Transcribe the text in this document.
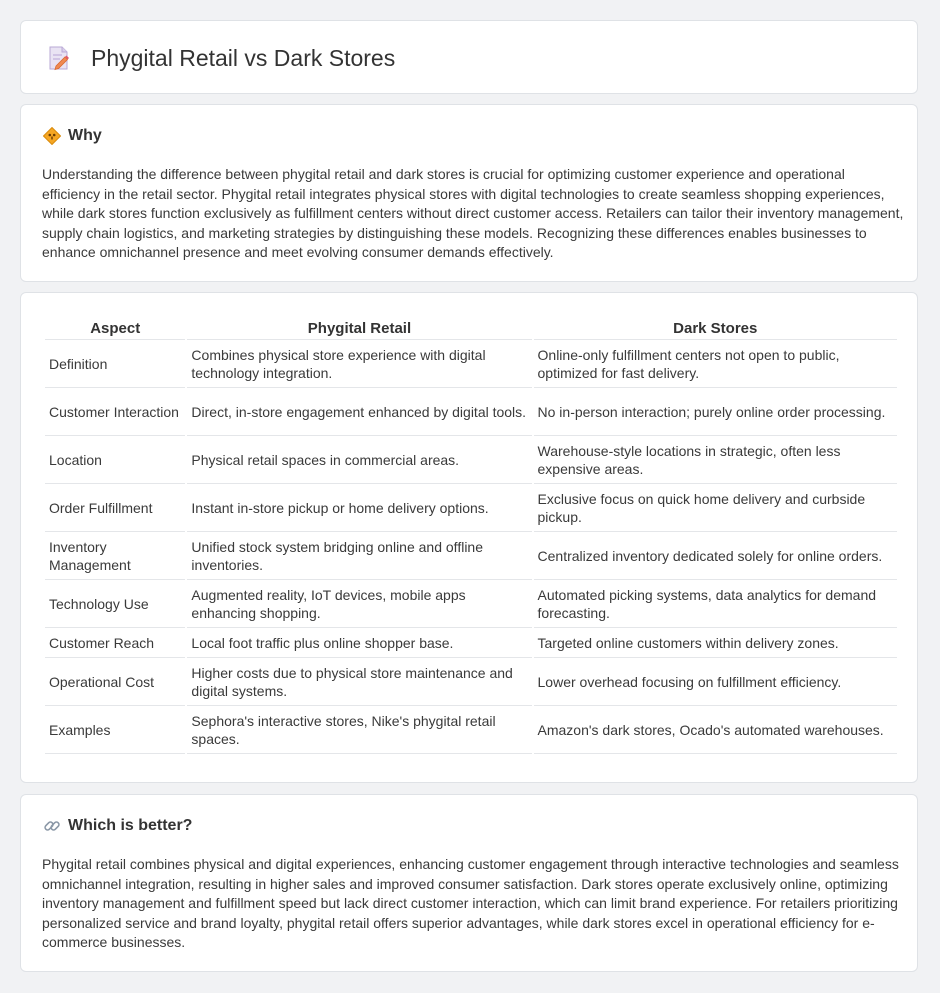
Phygital Retail vs Dark Stores
Why

Understanding the difference between phygital retail and dark stores is crucial for optimizing customer experience and operational efficiency in the retail sector. Phygital retail integrates physical stores with digital technologies to create seamless shopping experiences, while dark stores function exclusively as fulfillment centers without direct customer access. Retailers can tailor their inventory management, supply chain logistics, and marketing strategies by distinguishing these models. Recognizing these differences enables businesses to enhance omnichannel presence and meet evolving consumer demands effectively.

Aspect	Phygital Retail	Dark Stores
Definition	Combines physical store experience with digital technology integration.	Online-only fulfillment centers not open to public, optimized for fast delivery.
Customer Interaction	Direct, in-store engagement enhanced by digital tools.	No in-person interaction; purely online order processing.
Location	Physical retail spaces in commercial areas.	Warehouse-style locations in strategic, often less expensive areas.
Order Fulfillment	Instant in-store pickup or home delivery options.	Exclusive focus on quick home delivery and curbside pickup.
Inventory Management	Unified stock system bridging online and offline inventories.	Centralized inventory dedicated solely for online orders.
Technology Use	Augmented reality, IoT devices, mobile apps enhancing shopping.	Automated picking systems, data analytics for demand forecasting.
Customer Reach	Local foot traffic plus online shopper base.	Targeted online customers within delivery zones.
Operational Cost	Higher costs due to physical store maintenance and digital systems.	Lower overhead focusing on fulfillment efficiency.
Examples	Sephora's interactive stores, Nike's phygital retail spaces.	Amazon's dark stores, Ocado's automated warehouses.
Which is better?

Phygital retail combines physical and digital experiences, enhancing customer engagement through interactive technologies and seamless omnichannel integration, resulting in higher sales and improved consumer satisfaction. Dark stores operate exclusively online, optimizing inventory management and fulfillment speed but lack direct customer interaction, which can limit brand experience. For retailers prioritizing personalized service and brand loyalty, phygital retail offers superior advantages, while dark stores excel in operational efficiency for e-commerce businesses.
